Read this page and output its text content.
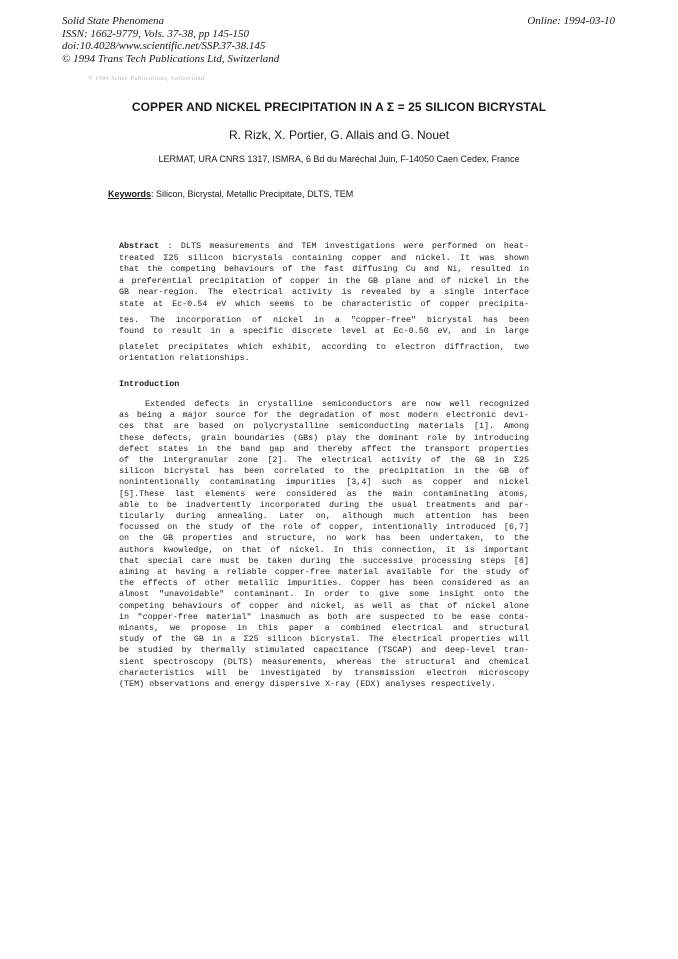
Solid State Phenomena
ISSN: 1662-9779, Vols. 37-38, pp 145-150
doi:10.4028/www.scientific.net/SSP.37-38.145
© 1994 Trans Tech Publications Ltd, Switzerland
Online: 1994-03-10
© 1994 Scitec Publications, Switzerland
COPPER AND NICKEL PRECIPITATION IN A Σ = 25 SILICON BICRYSTAL
R. Rizk, X. Portier, G. Allais and G. Nouet
LERMAT, URA CNRS 1317, ISMRA, 6 Bd du Maréchal Juin, F-14050 Caen Cedex, France
Keywords: Silicon, Bicrystal, Metallic Precipitate, DLTS, TEM
Abstract : DLTS measurements and TEM investigations were performed on heat-
treated Σ25 silicon bicrystals containing copper and nickel. It was shown
that the competing behaviours of the fast diffusing Cu and Ni, resulted in
a preferential precipitation of copper in the GB plane and of nickel in the
GB near-region. The electrical activity is revealed by a single interface
state at Ec-0.54 eV which seems to be characteristic of copper precipita-
tes. The incorporation of nickel in a "copper-free" bicrystal has been
found to result in a specific discrete level at Ec-0.50 eV, and in large
platelet precipitates which exhibit, according to electron diffraction, two
orientation relationships.
Introduction
Extended defects in crystalline semiconductors are now well recognized
as being a major source for the degradation of most modern electronic devi-
ces that are based on polycrystalline semiconducting materials [1]. Among
these defects, grain boundaries (GBs) play the dominant role by introducing
defect states in the band gap and thereby affect the transport properties
of the intergranular zone [2]. The electrical activity of the GB in Σ25
silicon bicrystal has been correlated to the precipitation in the GB of
nonintentionally contaminating impurities [3,4] such as copper and nickel
[5].These last elements were considered as the main contaminating atoms,
able to be inadvertently incorporated during the usual treatments and par-
ticularly during annealing. Later on, although much attention has been
focussed on the study of the role of copper, intentionally introduced [6,7]
on the GB properties and structure, no work has been undertaken, to the
authors kwowledge, on that of nickel. In this connection, it is important
that special care must be taken during the successive processing steps [8]
aiming at having a reliable copper-free material available for the study of
the effects of other metallic impurities. Copper has been considered as an
almost "unavoidable" contaminant. In order to give some insight onto the
competing behaviours of copper and nickel, as well as that of nickel alone
in "copper-free material" inasmuch as both are suspected to be ease conta-
minants, we propose in this paper a combined electrical and structural
study of the GB in a Σ25 silicon bicrystal. The electrical properties will
be studied by thermally stimulated capacitance (TSCAP) and deep-level tran-
sient spectroscopy (DLTS) measurements, whereas the structural and chemical
characteristics will be investigated by transmission electron microscopy
(TEM) observations and energy dispersive X-ray (EDX) analyses respectively.
